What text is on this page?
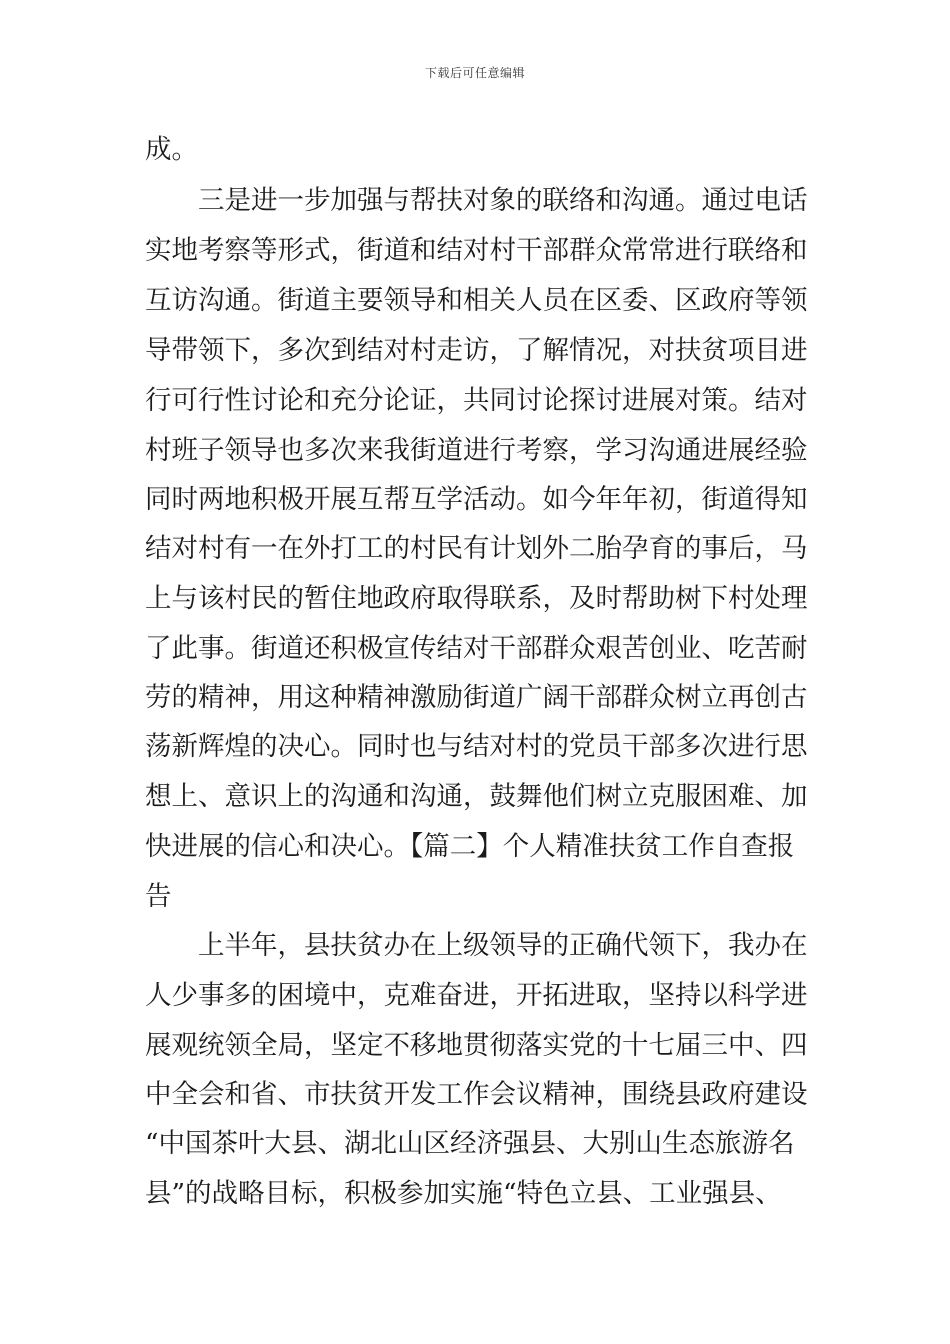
下载后可任意编辑
成。
三是进一步加强与帮扶对象的联络和沟通。通过电话
实地考察等形式，街道和结对村干部群众常常进行联络和
互访沟通。街道主要领导和相关人员在区委、区政府等领
导带领下，多次到结对村走访，了解情况，对扶贫项目进
行可行性讨论和充分论证，共同讨论探讨进展对策。结对
村班子领导也多次来我街道进行考察，学习沟通进展经验
同时两地积极开展互帮互学活动。如今年年初，街道得知
结对村有一在外打工的村民有计划外二胎孕育的事后，马
上与该村民的暂住地政府取得联系，及时帮助树下村处理
了此事。街道还积极宣传结对干部群众艰苦创业、吃苦耐
劳的精神，用这种精神激励街道广阔干部群众树立再创古
荡新辉煌的决心。同时也与结对村的党员干部多次进行思
想上、意识上的沟通和沟通，鼓舞他们树立克服困难、加
快进展的信心和决心。【篇二】个人精准扶贫工作自查报
告
上半年，县扶贫办在上级领导的正确代领下，我办在
人少事多的困境中，克难奋进，开拓进取，坚持以科学进
展观统领全局，坚定不移地贯彻落实党的十七届三中、四
中全会和省、市扶贫开发工作会议精神，围绕县政府建设
“中国茶叶大县、湖北山区经济强县、大别山生态旅游名
县”的战略目标，积极参加实施“特色立县、工业强县、
